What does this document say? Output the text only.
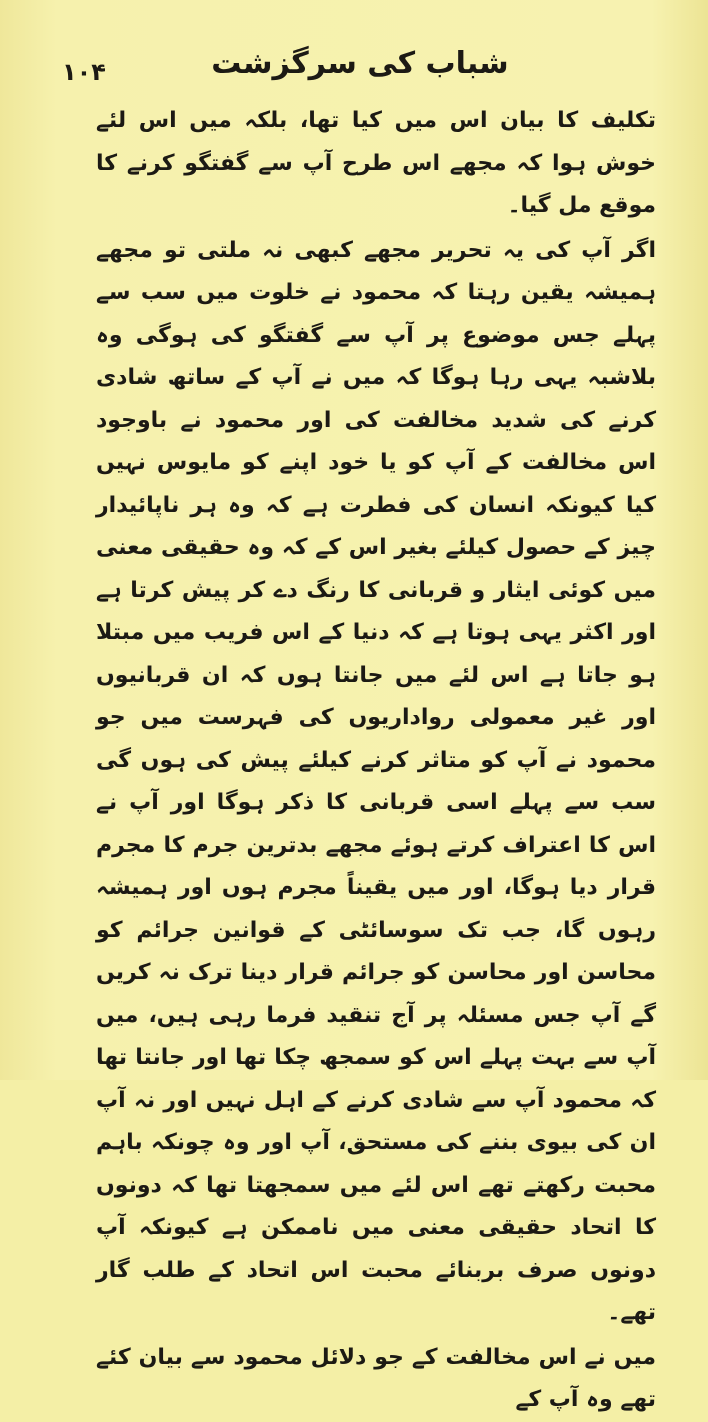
۱۰۴	شباب کی سرگزشت

تکلیف کا بیان اس میں کیا تھا، بلکہ میں اس لئے خوش ہوا کہ مجھے اس طرح آپ سے گفتگو کرنے کا موقع مل گیا۔

اگر آپ کی یہ تحریر مجھے کبھی نہ ملتی تو مجھے ہمیشہ یقین رہتا کہ محمود نے خلوت میں سب سے پہلے جس موضوع پر آپ سے گفتگو کی ہوگی وہ بلاشبہ یہی رہا ہوگا کہ میں نے آپ کے ساتھ شادی کرنے کی شدید مخالفت کی اور محمود نے باوجود اس مخالفت کے آپ کو یا خود اپنے کو مایوس نہیں کیا کیونکہ انسان کی فطرت ہے کہ وہ ہر ناپائیدار چیز کے حصول کیلئے بغیر اس کے کہ وہ حقیقی معنی میں کوئی ایثار و قربانی کا رنگ دے کر پیش کرتا ہے اور اکثر یہی ہوتا ہے کہ دنیا کے اس فریب میں مبتلا ہو جاتا ہے اس لئے میں جانتا ہوں کہ ان قربانیوں اور غیر معمولی رواداریوں کی فہرست میں جو محمود نے آپ کو متاثر کرنے کیلئے پیش کی ہوں گی سب سے پہلے اسی قربانی کا ذکر ہوگا اور آپ نے اس کا اعتراف کرتے ہوئے مجھے بدترین جرم کا مجرم قرار دیا ہوگا، اور میں یقیناً مجرم ہوں اور ہمیشہ رہوں گا، جب تک سوسائٹی کے قوانین جرائم کو محاسن اور محاسن کو جرائم قرار دینا ترک نہ کریں گے آپ جس مسئلہ پر آج تنقید فرما رہی ہیں، میں آپ سے بہت پہلے اس کو سمجھ چکا تھا اور جانتا تھا کہ محمود آپ سے شادی کرنے کے اہل نہیں اور نہ آپ ان کی بیوی بننے کی مستحق، آپ اور وہ چونکہ باہم محبت رکھتے تھے اس لئے میں سمجھتا تھا کہ دونوں کا اتحاد حقیقی معنی میں ناممکن ہے کیونکہ آپ دونوں صرف بربنائے محبت اس اتحاد کے طلب گار تھے۔

میں نے اس مخالفت کے جو دلائل محمود سے بیان کئے تھے وہ آپ کے
